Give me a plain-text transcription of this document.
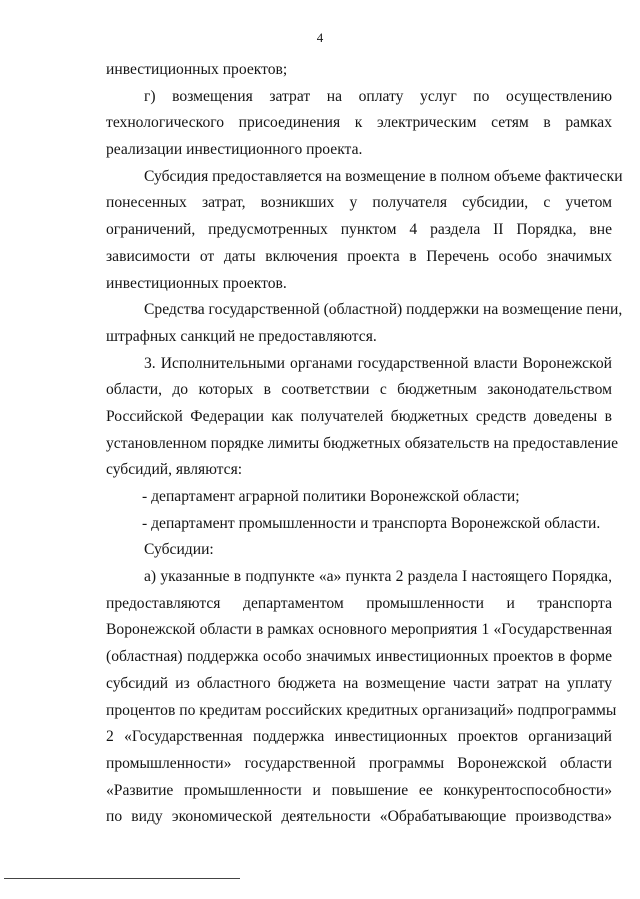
4
инвестиционных проектов;
г) возмещения затрат на оплату услуг по осуществлению
технологического присоединения к электрическим сетям в рамках
реализации инвестиционного проекта.
Субсидия предоставляется на возмещение в полном объеме фактически
понесенных затрат, возникших у получателя субсидии, с учетом
ограничений, предусмотренных пунктом 4 раздела II Порядка, вне
зависимости от даты включения проекта в Перечень особо значимых
инвестиционных проектов.
Средства государственной (областной) поддержки на возмещение пени,
штрафных санкций не предоставляются.
3. Исполнительными органами государственной власти Воронежской
области, до которых в соответствии с бюджетным законодательством
Российской Федерации как получателей бюджетных средств доведены в
установленном порядке лимиты бюджетных обязательств на предоставление
субсидий, являются:
- департамент аграрной политики Воронежской области;
- департамент промышленности и транспорта Воронежской области.
Субсидии:
а) указанные в подпункте «а» пункта 2 раздела I настоящего Порядка,
предоставляются департаментом промышленности и транспорта
Воронежской области в рамках основного мероприятия 1 «Государственная
(областная) поддержка особо значимых инвестиционных проектов в форме
субсидий из областного бюджета на возмещение части затрат на уплату
процентов по кредитам российских кредитных организаций» подпрограммы
2 «Государственная поддержка инвестиционных проектов организаций
промышленности» государственной программы Воронежской области
«Развитие промышленности и повышение ее конкурентоспособности»
по виду экономической деятельности «Обрабатывающие производства»
